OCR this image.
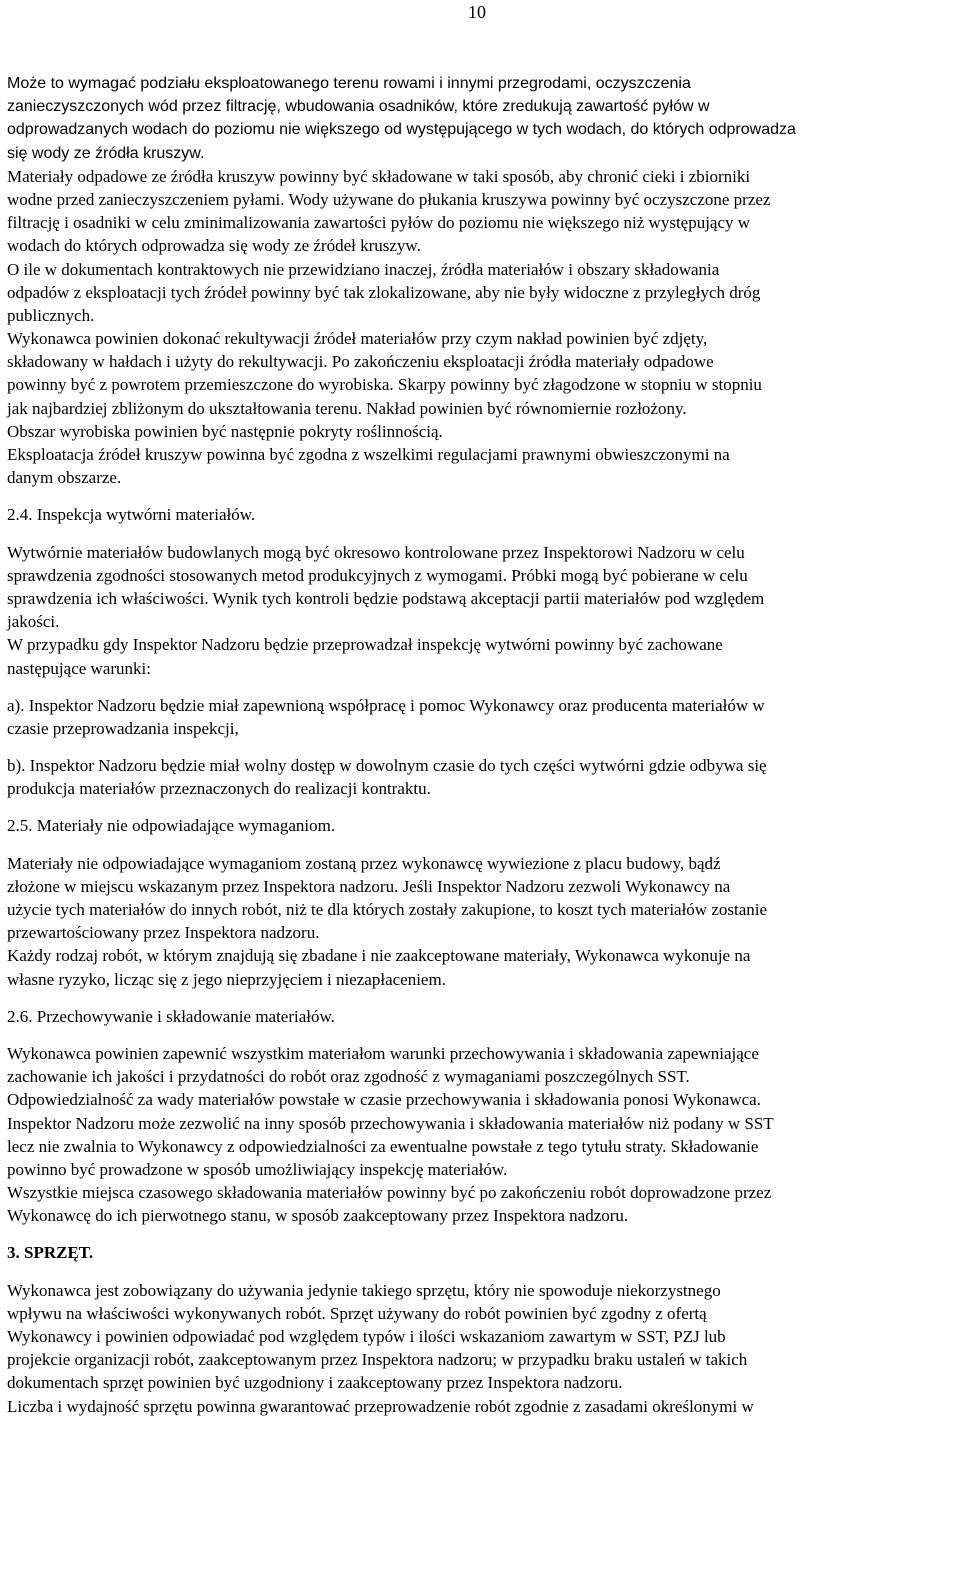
10
Może to wymagać podziału eksploatowanego terenu rowami i innymi przegrodami, oczyszczenia
zanieczyszczonych wód przez filtrację, wbudowania osadników, które zredukują zawartość pyłów w
odprowadzanych wodach do poziomu nie większego od występującego w tych wodach, do których odprowadza
się wody ze źródła kruszyw.
Materiały odpadowe ze źródła kruszyw powinny być składowane w taki sposób, aby chronić cieki i zbiorniki
wodne przed zanieczyszczeniem pyłami. Wody używane do płukania kruszywa powinny być oczyszczone przez
filtrację i osadniki w celu zminimalizowania zawartości pyłów do poziomu nie większego niż występujący w
wodach do których odprowadza się wody ze źródeł kruszyw.
O ile w dokumentach kontraktowych nie przewidziano inaczej, źródła materiałów i obszary składowania
odpadów z eksploatacji tych źródeł powinny być tak zlokalizowane, aby nie były widoczne z przyległych dróg
publicznych.
Wykonawca powinien dokonać rekultywacji źródeł materiałów przy czym nakład powinien być zdjęty,
składowany w hałdach i użyty do rekultywacji. Po zakończeniu eksploatacji źródła materiały odpadowe
powinny być z powrotem przemieszczone do wyrobiska. Skarpy powinny być złagodzone w stopniu w stopniu
jak najbardziej zbliżonym do ukształtowania terenu. Nakład powinien być równomiernie rozłożony.
Obszar wyrobiska powinien być następnie pokryty roślinnością.
Eksploatacja źródeł kruszyw powinna być zgodna z wszelkimi regulacjami prawnymi obwieszczonymi na
danym obszarze.
2.4. Inspekcja wytwórni materiałów.
Wytwórnie materiałów budowlanych mogą być okresowo kontrolowane przez Inspektorowi Nadzoru w celu
sprawdzenia zgodności stosowanych metod produkcyjnych z wymogami. Próbki mogą być pobierane w celu
sprawdzenia ich właściwości. Wynik tych kontroli będzie podstawą akceptacji partii materiałów pod względem
jakości.
W przypadku gdy Inspektor Nadzoru będzie przeprowadzał inspekcję wytwórni powinny być zachowane
następujące warunki:
a). Inspektor Nadzoru będzie miał zapewnioną współpracę i pomoc Wykonawcy oraz producenta materiałów w
czasie przeprowadzania inspekcji,
b). Inspektor Nadzoru będzie miał wolny dostęp w dowolnym czasie do tych części wytwórni gdzie odbywa się
produkcja materiałów przeznaczonych do realizacji kontraktu.
2.5. Materiały nie odpowiadające wymaganiom.
Materiały nie odpowiadające wymaganiom zostaną przez wykonawcę wywiezione z placu budowy, bądź
złożone w miejscu wskazanym przez Inspektora nadzoru. Jeśli Inspektor Nadzoru zezwoli Wykonawcy na
użycie tych materiałów do innych robót, niż te dla których zostały zakupione, to koszt tych materiałów zostanie
przewartościowany przez Inspektora nadzoru.
Każdy rodzaj robót, w którym znajdują się zbadane i nie zaakceptowane materiały, Wykonawca wykonuje na
własne ryzyko, licząc się z jego nieprzyjęciem i niezapłaceniem.
2.6. Przechowywanie i składowanie materiałów.
Wykonawca powinien zapewnić wszystkim materiałom warunki przechowywania i składowania zapewniające
zachowanie ich jakości i przydatności do robót oraz zgodność z wymaganiami poszczególnych SST.
Odpowiedzialność za wady materiałów powstałe w czasie przechowywania i składowania ponosi Wykonawca.
Inspektor Nadzoru może zezwolić na inny sposób przechowywania i składowania materiałów niż podany w SST
lecz nie zwalnia to Wykonawcy z odpowiedzialności za ewentualne powstałe z tego tytułu straty. Składowanie
powinno być prowadzone w sposób umożliwiający inspekcję materiałów.
Wszystkie miejsca czasowego składowania materiałów powinny być po zakończeniu robót doprowadzone przez
Wykonawcę do ich pierwotnego stanu, w sposób zaakceptowany przez Inspektora nadzoru.
3. SPRZĘT.
Wykonawca jest zobowiązany do używania jedynie takiego sprzętu, który nie spowoduje niekorzystnego
wpływu na właściwości wykonywanych robót. Sprzęt używany do robót powinien być zgodny z ofertą
Wykonawcy i powinien odpowiadać pod względem typów i ilości wskazaniom zawartym w SST, PZJ lub
projekcie organizacji robót, zaakceptowanym przez Inspektora nadzoru; w przypadku braku ustaleń w takich
dokumentach sprzęt powinien być uzgodniony i zaakceptowany przez Inspektora nadzoru.
Liczba i wydajność sprzętu powinna gwarantować przeprowadzenie robót zgodnie z zasadami określonymi w
